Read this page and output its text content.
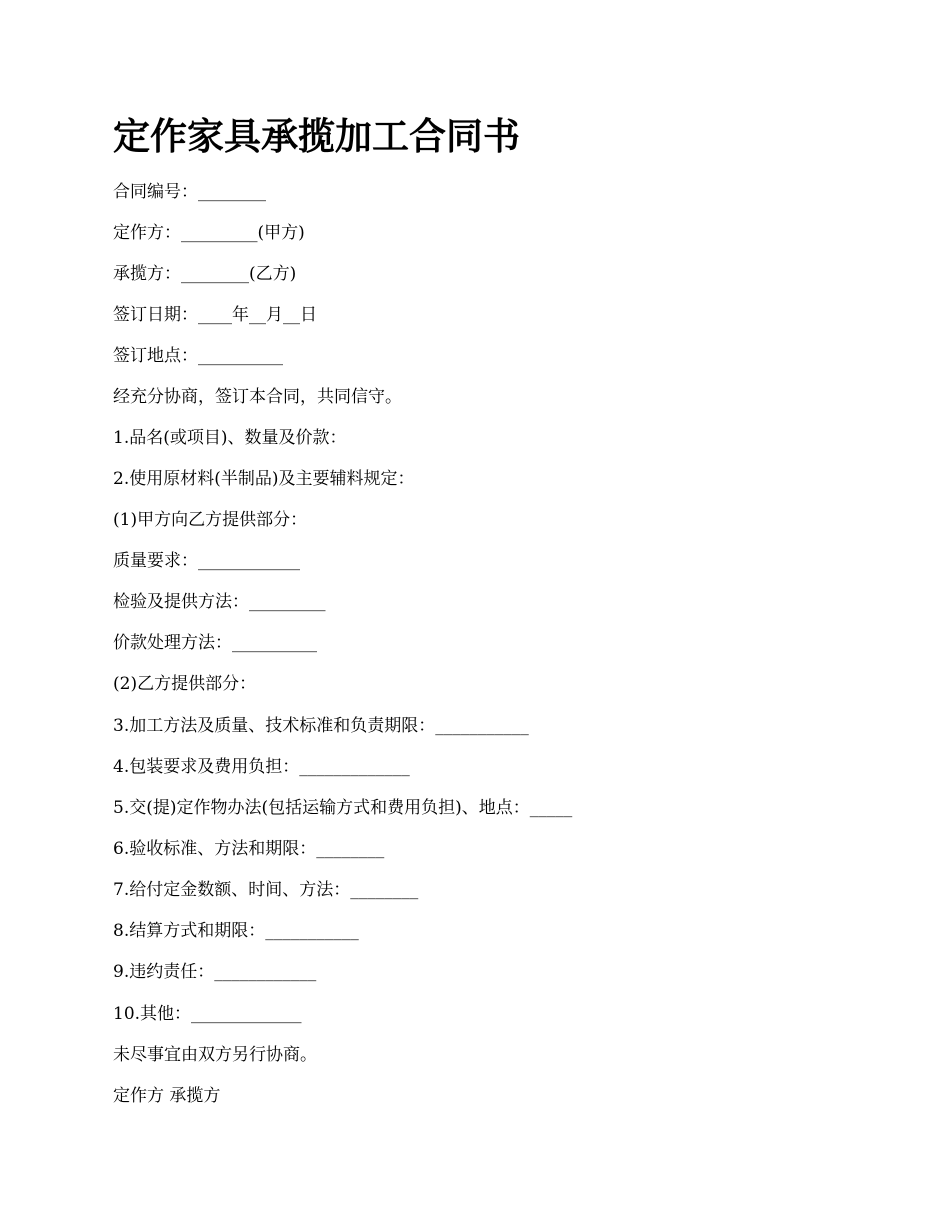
定作家具承揽加工合同书

合同编号：________

定作方：_________(甲方)

承揽方：________(乙方)

签订日期：____年__月__日

签订地点：__________

经充分协商，签订本合同，共同信守。

1.品名(或项目)、数量及价款：

2.使用原材料(半制品)及主要辅料规定：

(1)甲方向乙方提供部分：

质量要求：____________

检验及提供方法：_________

价款处理方法：__________

(2)乙方提供部分：

3.加工方法及质量、技术标准和负责期限：___________

4.包装要求及费用负担：_____________

5.交(提)定作物办法(包括运输方式和费用负担)、地点：_____

6.验收标准、方法和期限：________

7.给付定金数额、时间、方法：________

8.结算方式和期限：___________

9.违约责任：____________

10.其他：_____________

未尽事宜由双方另行协商。

定作方 承揽方
